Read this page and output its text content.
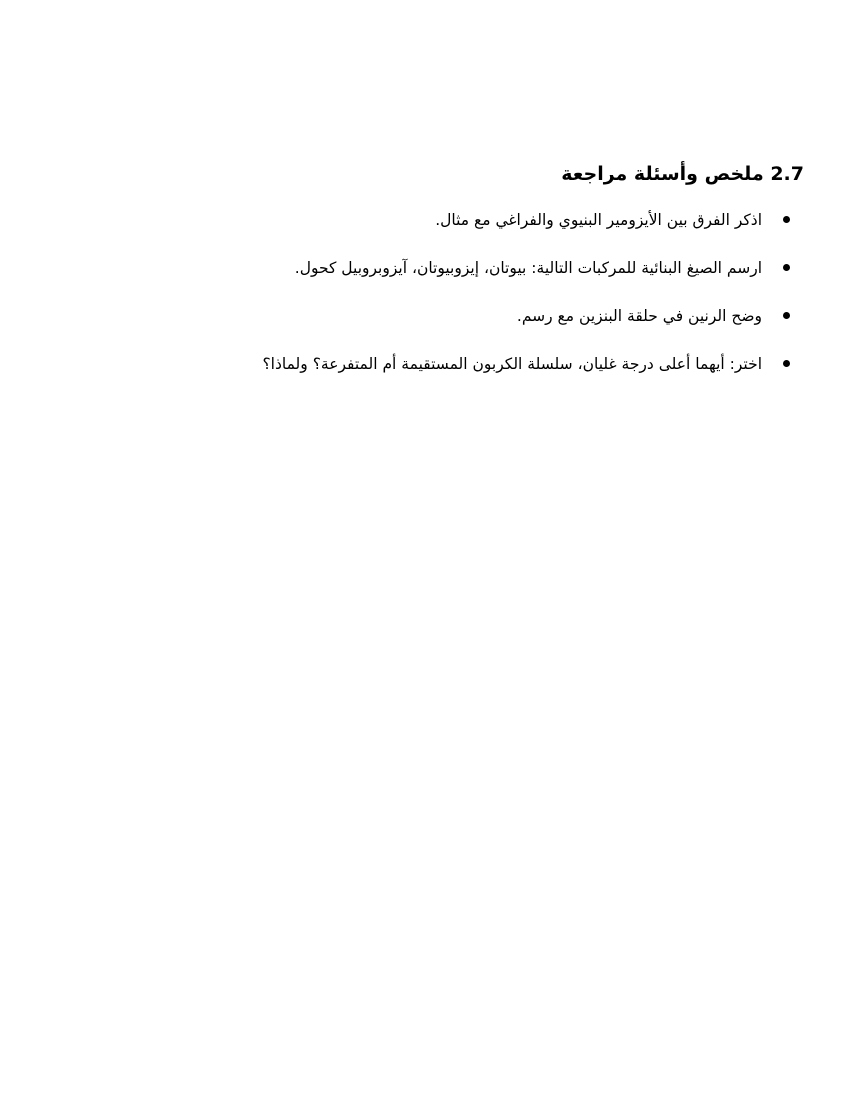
2.7 ملخص وأسئلة مراجعة
اذكر الفرق بين الأيزومير البنيوي والفراغي مع مثال.
ارسم الصيغ البنائية للمركبات التالية: بيوتان، إيزوبيوتان، آيزوبروبيل كحول.
وضح الرنين في حلقة البنزين مع رسم.
اختر: أيهما أعلى درجة غليان، سلسلة الكربون المستقيمة أم المتفرعة؟ ولماذا؟
